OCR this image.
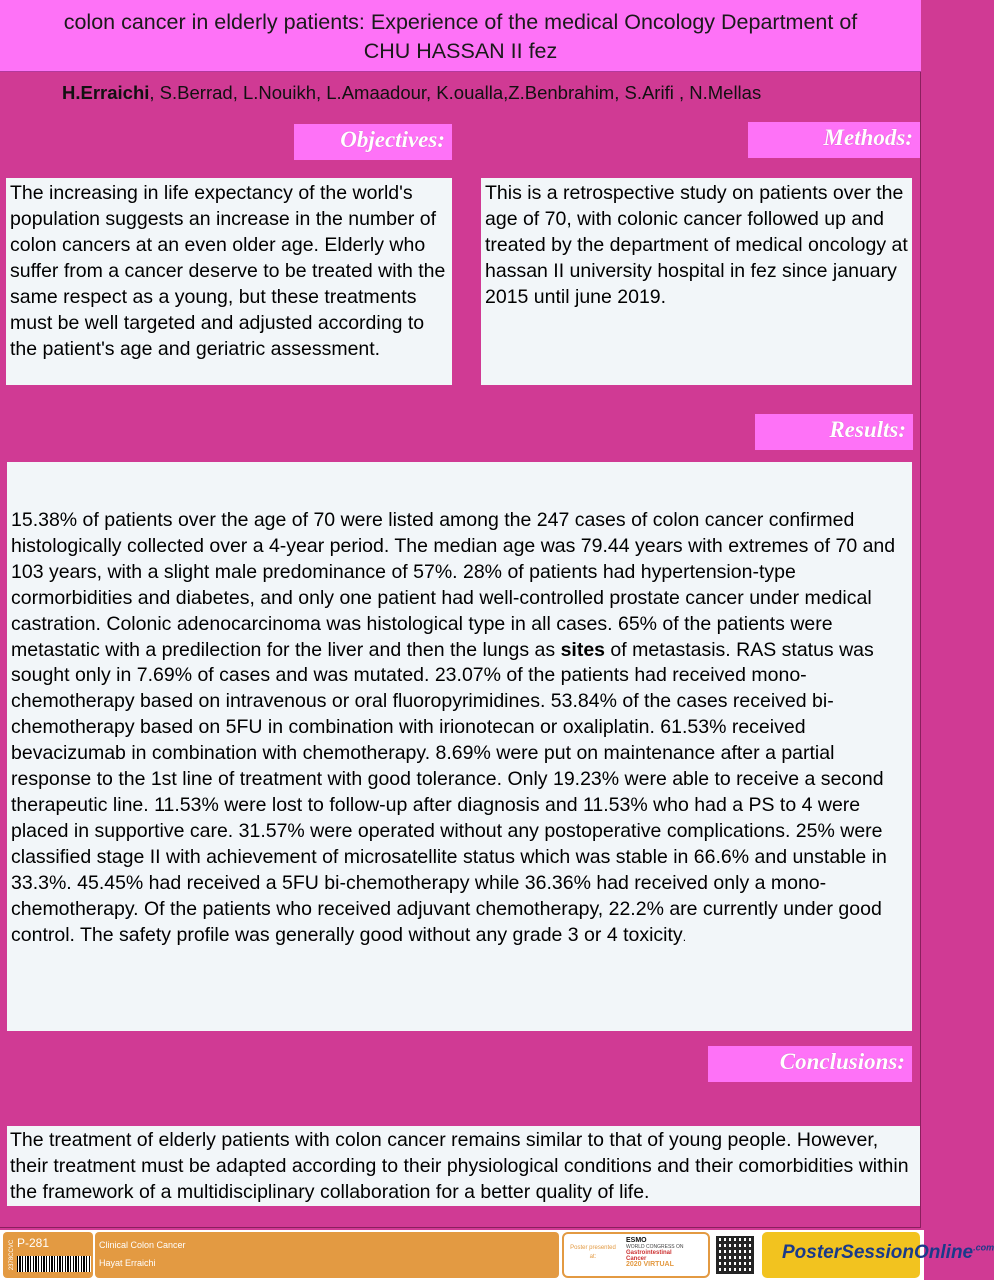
colon cancer in elderly patients: Experience of the medical Oncology Department of
CHU HASSAN II fez
H.Erraichi, S.Berrad, L.Nouikh, L.Amaadour, K.oualla,Z.Benbrahim, S.Arifi , N.Mellas
Objectives:
The increasing in life expectancy of the world's population suggests an increase in the number of colon cancers at an even older age. Elderly who suffer from a cancer deserve to be treated with the same respect as a young, but these treatments must be well targeted and adjusted according to the patient's age and geriatric assessment.
Methods:
This is a retrospective study on patients over the age of 70, with colonic cancer followed up and treated by the department of medical oncology at hassan II university hospital in fez since january 2015 until june 2019.
Results:
15.38% of patients over the age of 70 were listed among the 247 cases of colon cancer confirmed histologically collected over a 4-year period. The median age was 79.44 years with extremes of 70 and 103 years, with a slight male predominance of 57%. 28% of patients had hypertension-type cormorbidities and diabetes, and only one patient had well-controlled prostate cancer under medical castration. Colonic adenocarcinoma was histological type in all cases. 65% of the patients were metastatic with a predilection for the liver and then the lungs as sites of metastasis. RAS status was sought only in 7.69% of cases and was mutated. 23.07% of the patients had received mono-chemotherapy based on intravenous or oral fluoropyrimidines. 53.84% of the cases received bi-chemotherapy based on 5FU in combination with irionotecan or oxaliplatin. 61.53% received bevacizumab in combination with chemotherapy. 8.69% were put on maintenance after a partial response to the 1st line of treatment with good tolerance. Only 19.23% were able to receive a second therapeutic line. 11.53% were lost to follow-up after diagnosis and 11.53% who had a PS to 4 were placed in supportive care. 31.57% were operated without any postoperative complications. 25% were classified stage II with achievement of microsatellite status which was stable in 66.6% and unstable in 33.3%. 45.45% had received a 5FU bi-chemotherapy while 36.36% had received only a mono-chemotherapy. Of the patients who received adjuvant chemotherapy, 22.2% are currently under good control. The safety profile was generally good without any grade 3 or 4 toxicity.
Conclusions:
The treatment of elderly patients with colon cancer remains similar to that of young people. However, their treatment must be adapted according to their physiological conditions and their comorbidities within the framework of a multidisciplinary collaboration for a better quality of life.
P-281
2378CCVC	Clinical Colon Cancer
Hayat Erraichi
Poster presented at:
ESMO
WORLD CONGRESS ON
Gastrointestinal
Cancer
2020 VIRTUAL
PosterSessionOnline$^{.com}$
